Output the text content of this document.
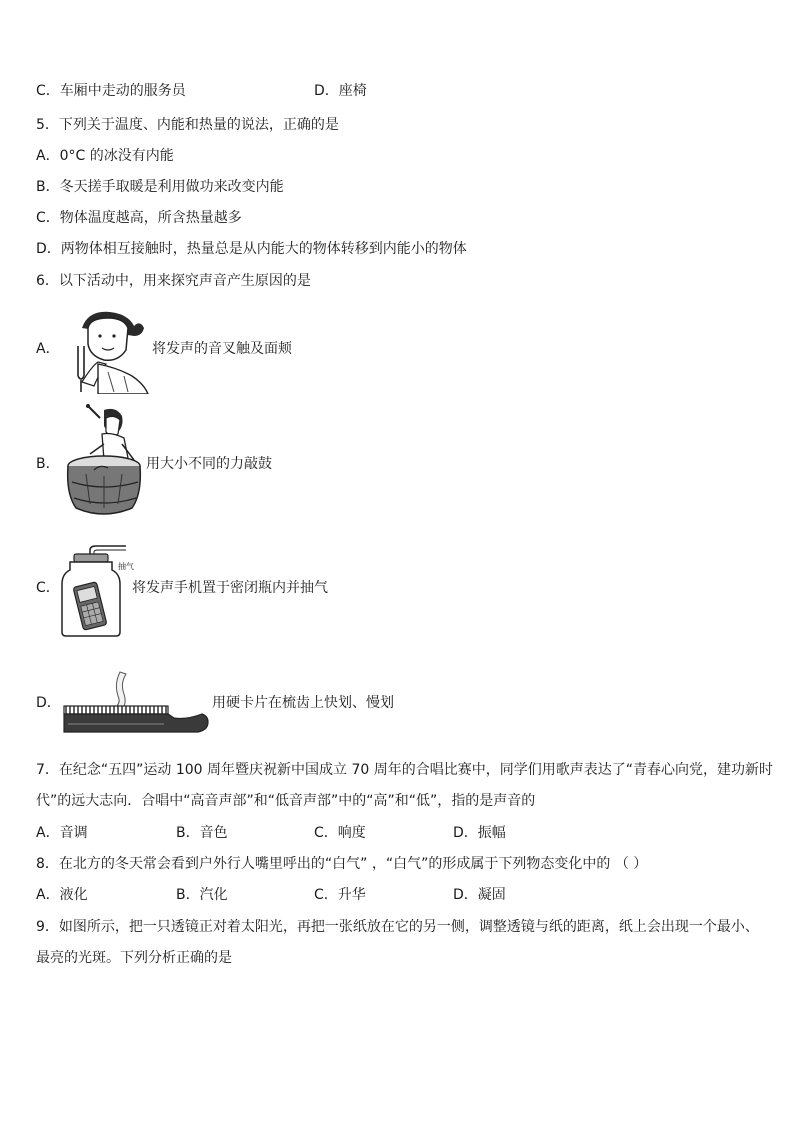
C．车厢中走动的服务员	D．座椅
5．下列关于温度、内能和热量的说法，正确的是
A．0°C 的冰没有内能
B．冬天搓手取暖是利用做功来改变内能
C．物体温度越高，所含热量越多
D．两物体相互接触时，热量总是从内能大的物体转移到内能小的物体
6．以下活动中，用来探究声音产生原因的是
A．	将发声的音叉触及面颊
B．	用大小不同的力敲鼓
C．
抽气
将发声手机置于密闭瓶内并抽气
D．	用硬卡片在梳齿上快划、慢划
7．在纪念“五四”运动 100 周年暨庆祝新中国成立 70 周年的合唱比赛中，同学们用歌声表达了“青春心向党，建功新时
代”的远大志向．合唱中“高音声部”和“低音声部”中的“高”和“低”，指的是声音的
A．音调	B．音色	C．响度	D．振幅
8．在北方的冬天常会看到户外行人嘴里呼出的“白气” ，“白气”的形成属于下列物态变化中的 （ ）
A．液化	B．汽化	C．升华	D．凝固
9．如图所示，把一只透镜正对着太阳光，再把一张纸放在它的另一侧，调整透镜与纸的距离，纸上会出现一个最小、
最亮的光斑。下列分析正确的是
